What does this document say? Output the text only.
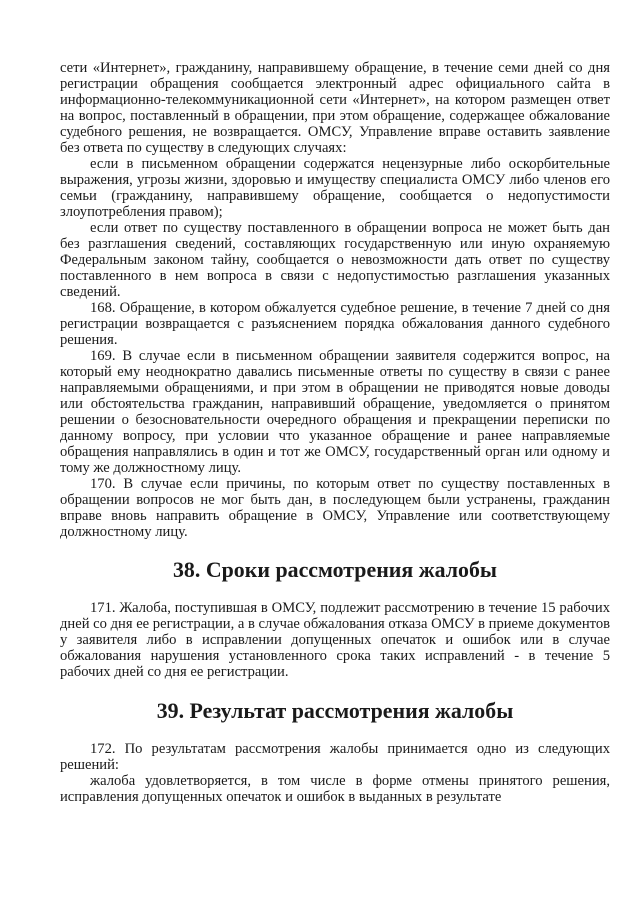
сети «Интернет», гражданину, направившему обращение, в течение семи дней со дня регистрации обращения сообщается электронный адрес официального сайта в информационно-телекоммуникационной сети «Интернет», на котором размещен ответ на вопрос, поставленный в обращении, при этом обращение, содержащее обжалование судебного решения, не возвращается. ОМСУ, Управление вправе оставить заявление без ответа по существу в следующих случаях:

если в письменном обращении содержатся нецензурные либо оскорбительные выражения, угрозы жизни, здоровью и имуществу специалиста ОМСУ либо членов его семьи (гражданину, направившему обращение, сообщается о недопустимости злоупотребления правом);

если ответ по существу поставленного в обращении вопроса не может быть дан без разглашения сведений, составляющих государственную или иную охраняемую Федеральным законом тайну, сообщается о невозможности дать ответ по существу поставленного в нем вопроса в связи с недопустимостью разглашения указанных сведений.

168. Обращение, в котором обжалуется судебное решение, в течение 7 дней со дня регистрации возвращается с разъяснением порядка обжалования данного судебного решения.

169. В случае если в письменном обращении заявителя содержится вопрос, на который ему неоднократно давались письменные ответы по существу в связи с ранее направляемыми обращениями, и при этом в обращении не приводятся новые доводы или обстоятельства гражданин, направивший обращение, уведомляется о принятом решении о безосновательности очередного обращения и прекращении переписки по данному вопросу, при условии что указанное обращение и ранее направляемые обращения направлялись в один и тот же ОМСУ, государственный орган или одному и тому же должностному лицу.

170. В случае если причины, по которым ответ по существу поставленных в обращении вопросов не мог быть дан, в последующем были устранены, гражданин вправе вновь направить обращение в ОМСУ, Управление или соответствующему должностному лицу.

38. Сроки рассмотрения жалобы

171. Жалоба, поступившая в ОМСУ, подлежит рассмотрению в течение 15 рабочих дней со дня ее регистрации, а в случае обжалования отказа ОМСУ в приеме документов у заявителя либо в исправлении допущенных опечаток и ошибок или в случае обжалования нарушения установленного срока таких исправлений - в течение 5 рабочих дней со дня ее регистрации.

39. Результат рассмотрения жалобы

172. По результатам рассмотрения жалобы принимается одно из следующих решений:

жалоба удовлетворяется, в том числе в форме отмены принятого решения, исправления допущенных опечаток и ошибок в выданных в результате
